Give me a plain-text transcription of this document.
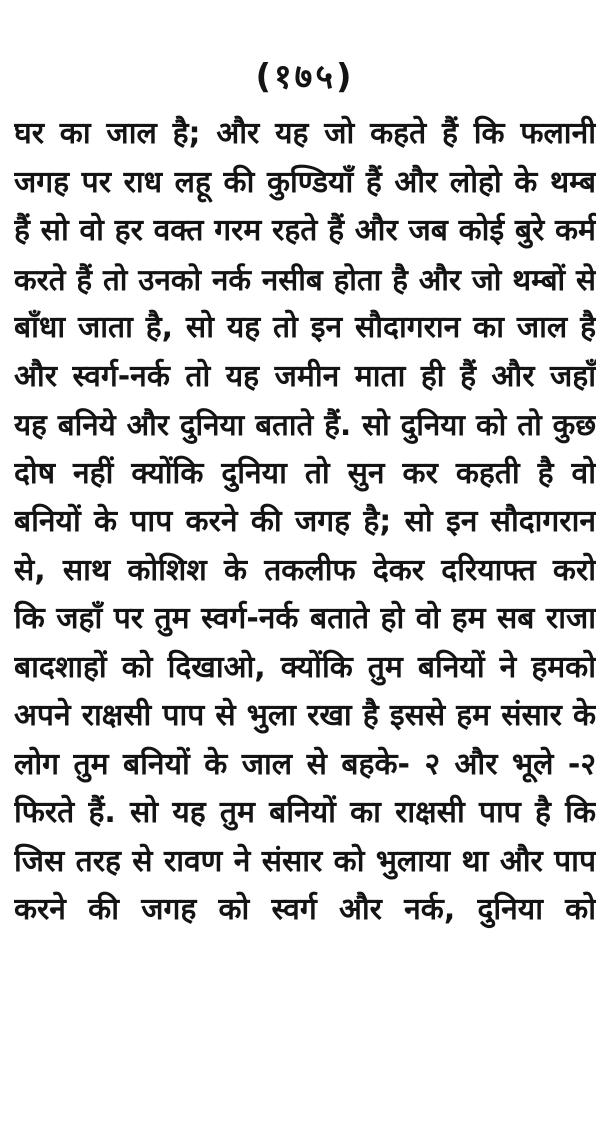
(१७५)
घर का जाल है; और यह जो कहते हैं कि फलानी
जगह पर राध लहू की कुण्डियाँ हैं और लोहो के थम्ब
हैं सो वो हर वक्त गरम रहते हैं और जब कोई बुरे कर्म
करते हैं तो उनको नर्क नसीब होता है और जो थम्बों से
बाँधा जाता है, सो यह तो इन सौदागरान का जाल है
और स्वर्ग-नर्क तो यह जमीन माता ही हैं और जहाँ
यह बनिये और दुनिया बताते हैं. सो दुनिया को तो कुछ
दोष नहीं क्योंकि दुनिया तो सुन कर कहती है वो
बनियों के पाप करने की जगह है; सो इन सौदागरान
से, साथ कोशिश के तकलीफ देकर दरियाफ्त करो
कि जहाँ पर तुम स्वर्ग-नर्क बताते हो वो हम सब राजा
बादशाहों को दिखाओ, क्योंकि तुम बनियों ने हमको
अपने राक्षसी पाप से भुला रखा है इससे हम संसार के
लोग तुम बनियों के जाल से बहके- २ और भूले -२
फिरते हैं. सो यह तुम बनियों का राक्षसी पाप है कि
जिस तरह से रावण ने संसार को भुलाया था और पाप
करने की जगह को स्वर्ग और नर्क, दुनिया को
